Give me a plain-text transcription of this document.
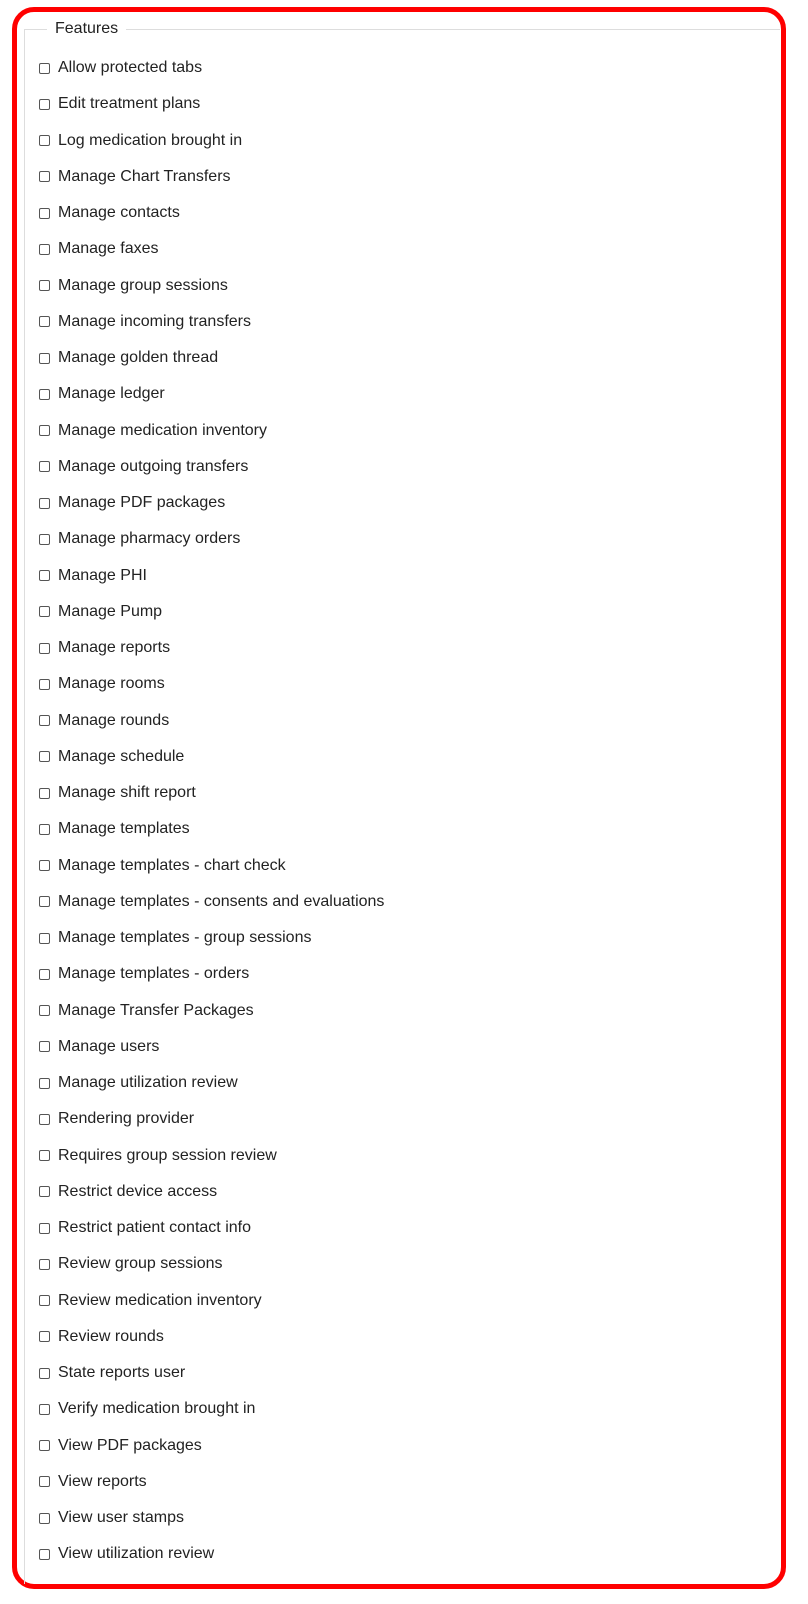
Features
Allow protected tabs
Edit treatment plans
Log medication brought in
Manage Chart Transfers
Manage contacts
Manage faxes
Manage group sessions
Manage incoming transfers
Manage golden thread
Manage ledger
Manage medication inventory
Manage outgoing transfers
Manage PDF packages
Manage pharmacy orders
Manage PHI
Manage Pump
Manage reports
Manage rooms
Manage rounds
Manage schedule
Manage shift report
Manage templates
Manage templates - chart check
Manage templates - consents and evaluations
Manage templates - group sessions
Manage templates - orders
Manage Transfer Packages
Manage users
Manage utilization review
Rendering provider
Requires group session review
Restrict device access
Restrict patient contact info
Review group sessions
Review medication inventory
Review rounds
State reports user
Verify medication brought in
View PDF packages
View reports
View user stamps
View utilization review
